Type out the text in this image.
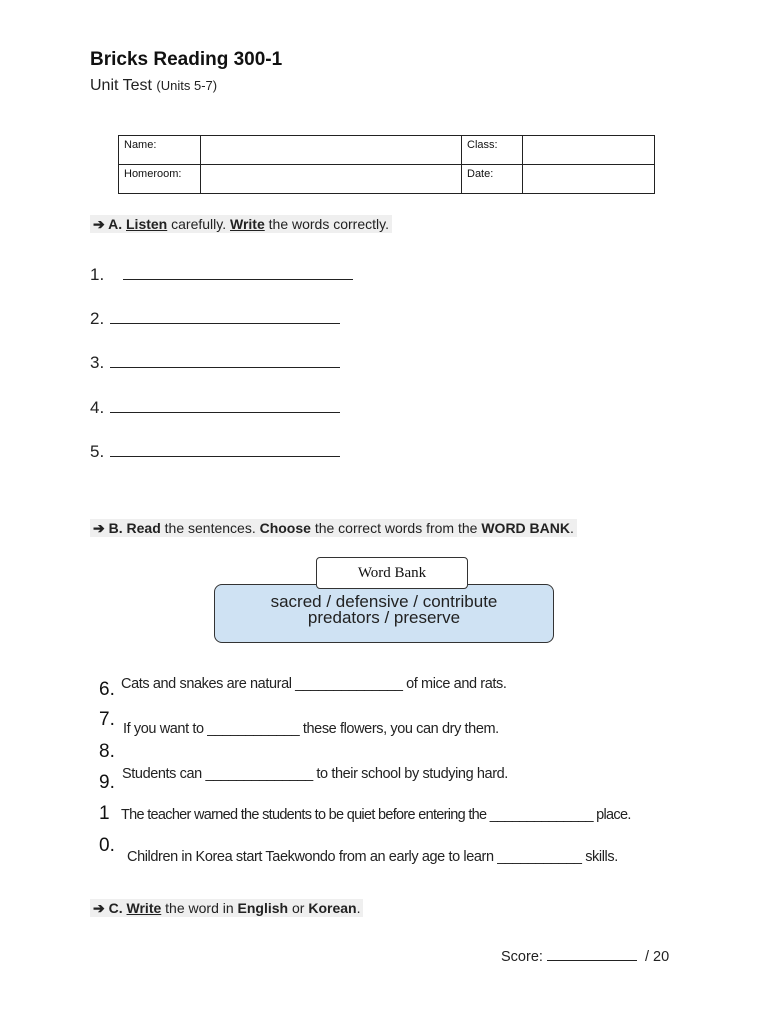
Bricks Reading 300-1
Unit Test (Units 5-7)
Name:		Class:	
Homeroom:		Date:	
➔ A. Listen carefully. Write the words correctly.
1.
2.
3.
4.
5.
➔ B. Read the sentences. Choose the correct words from the WORD BANK.
Word Bank
sacred / defensive / contribute
predators / preserve
6.
7.
8.
9.
1
0.
Cats and snakes are natural ______________ of mice and rats.
If you want to ____________ these flowers, you can dry them.
Students can ______________ to their school by studying hard.
The teacher warned the students to be quiet before entering the ______________ place.
Children in Korea start Taekwondo from an early age to learn ___________ skills.
➔ C. Write the word in English or Korean.
Score:	/ 20
